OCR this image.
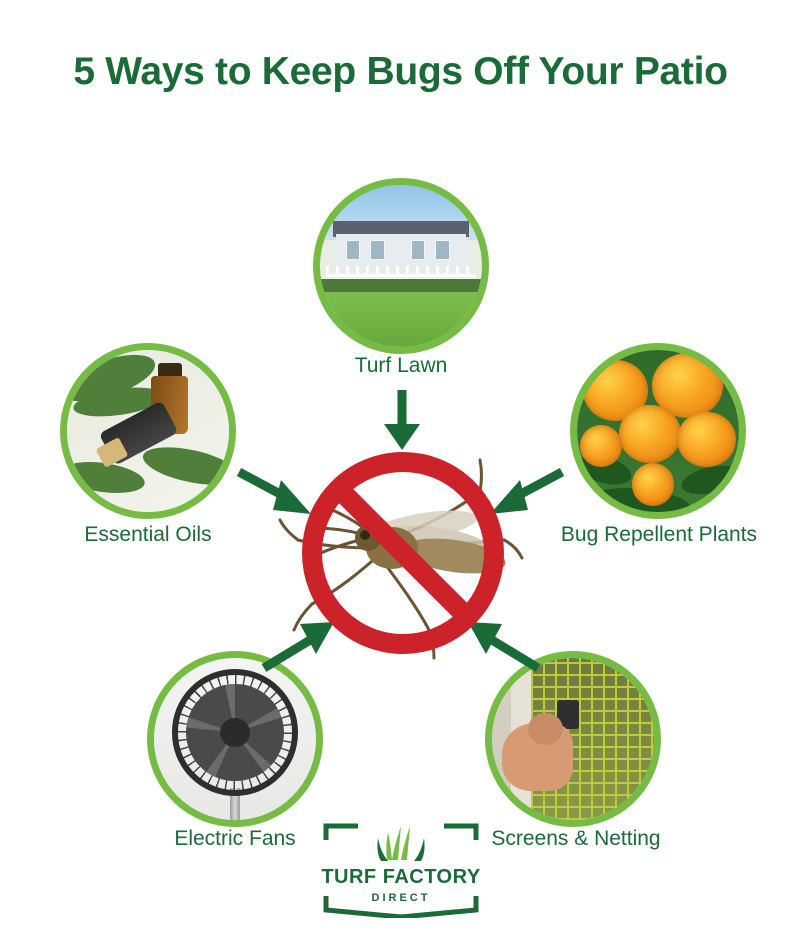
5 Ways to Keep Bugs Off Your Patio
Turf Lawn
Essential Oils	Bug Repellent Plants
Electric Fans	Screens & Netting
TURF FACTORY
DIRECT
